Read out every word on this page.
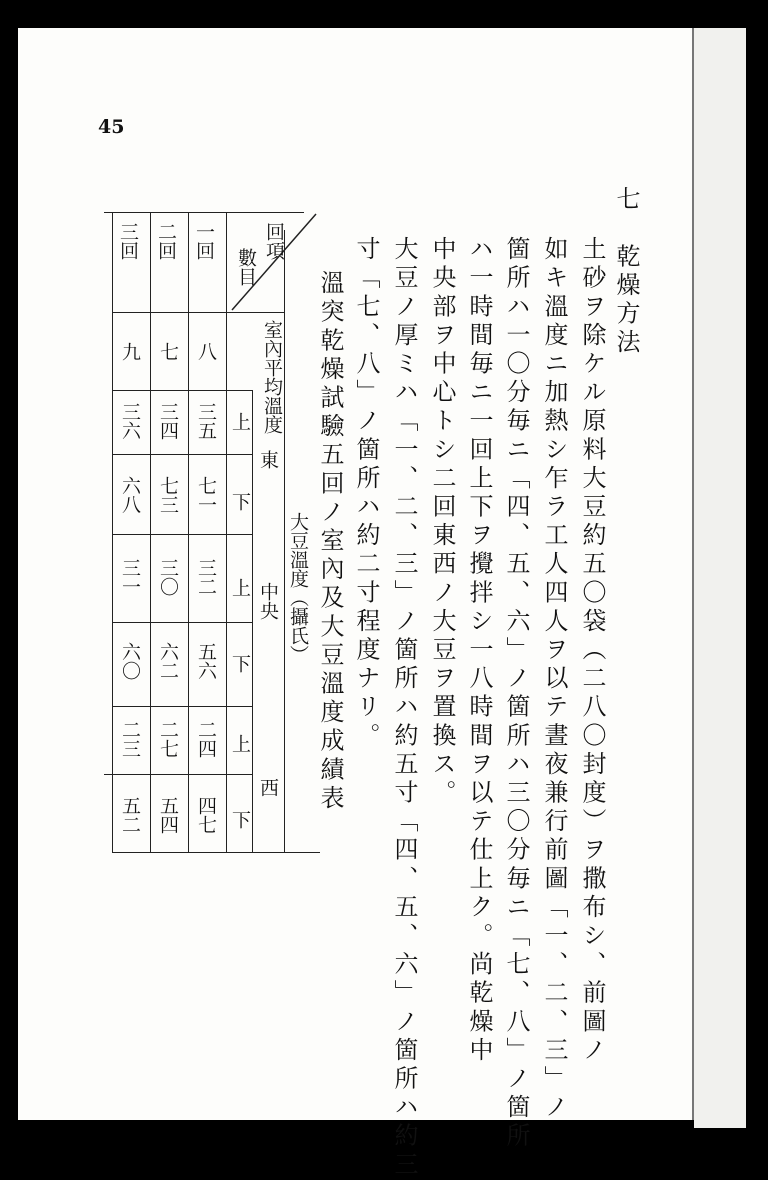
45
七　乾燥方法
土砂ヲ除ケル原料大豆約五〇袋（二八〇封度）ヲ撒布シ、前圖ノ
如キ溫度ニ加熱シ乍ラ工人四人ヲ以テ晝夜兼行前圖「一、二、三」ノ
箇所ハ一〇分毎ニ「四、五、六」ノ箇所ハ三〇分毎ニ「七、八」ノ箇所
ハ一時間毎ニ一回上下ヲ攪拌シ一八時間ヲ以テ仕上ク。尚乾燥中
中央部ヲ中心トシ二回東西ノ大豆ヲ置換ス。
大豆ノ厚ミハ「一、二、三」ノ箇所ハ約五寸「四、五、六」ノ箇所ハ約三
寸「七、八」ノ箇所ハ約二寸程度ナリ。
溫突乾燥試驗五回ノ室內及大豆溫度成績表
回項
數目
室內平均溫度
大豆溫度（攝氏）
東
中央
西
上
下
上
下
上
下
一回
八
三五
七一
三二
五六
二四
四七
二回
七
三四
七三
三〇
六二
二七
五四
三回
九
三六
六八
三一
六〇
二三
五二
